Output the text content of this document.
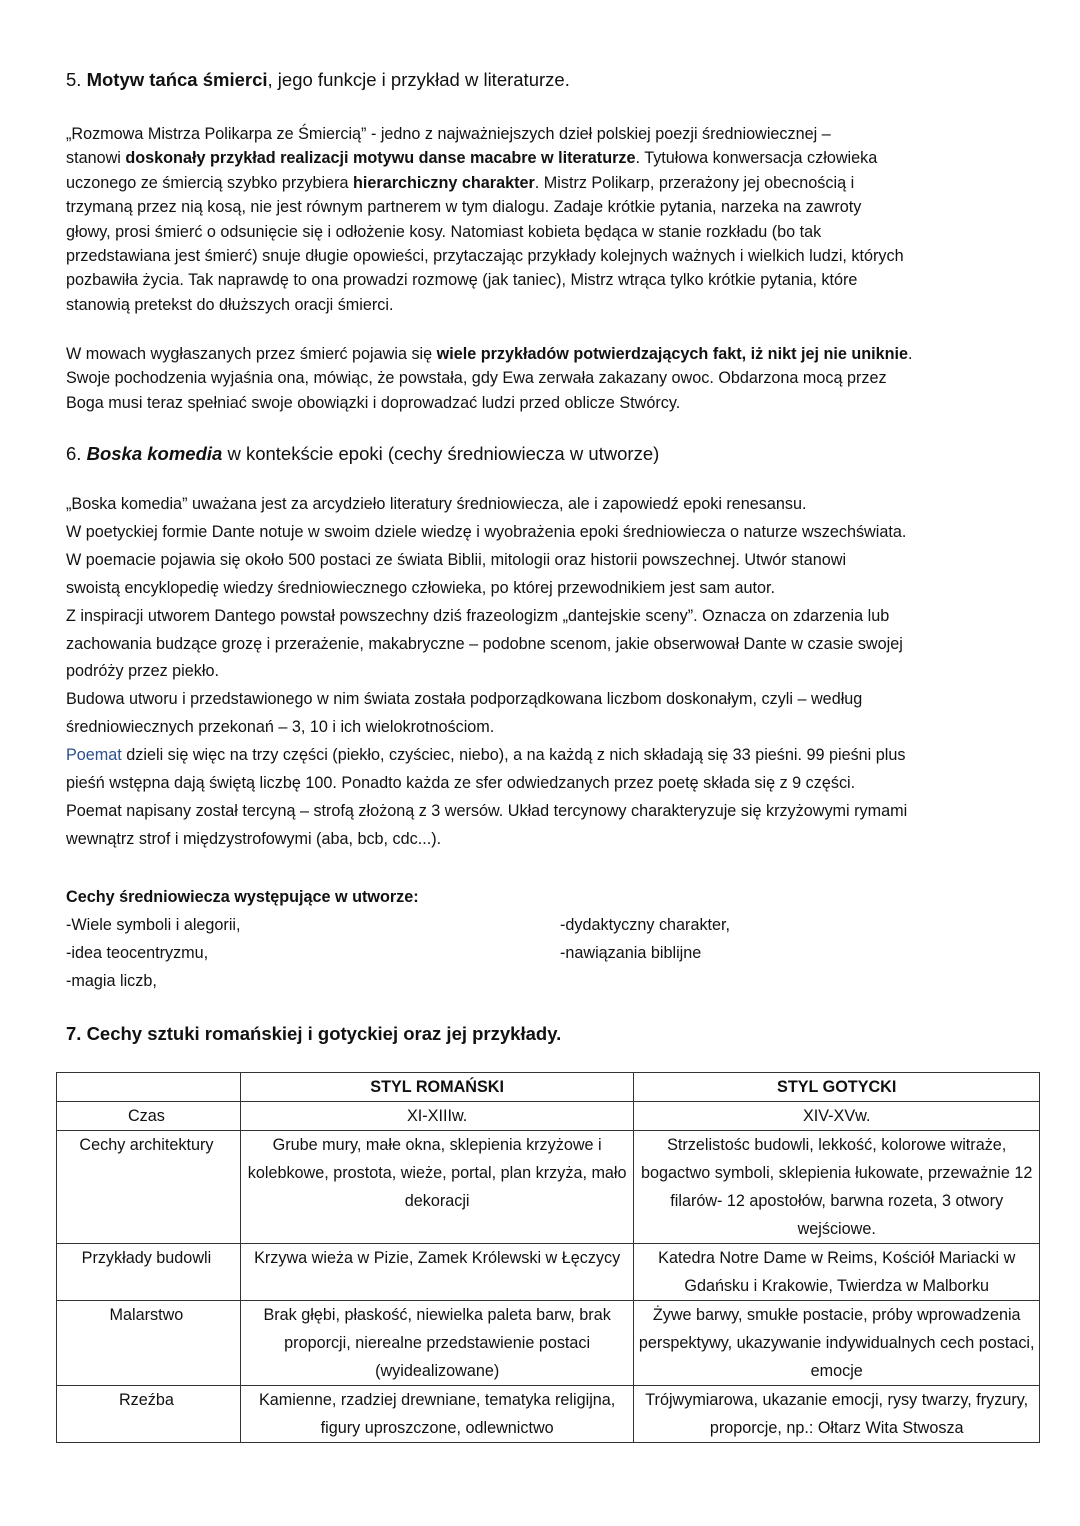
5. Motyw tańca śmierci, jego funkcje i przykład w literaturze.
„Rozmowa Mistrza Polikarpa ze Śmiercią” - jedno z najważniejszych dzieł polskiej poezji średniowiecznej –
stanowi doskonały przykład realizacji motywu danse macabre w literaturze. Tytułowa konwersacja człowieka
uczonego ze śmiercią szybko przybiera hierarchiczny charakter. Mistrz Polikarp, przerażony jej obecnością i
trzymaną przez nią kosą, nie jest równym partnerem w tym dialogu. Zadaje krótkie pytania, narzeka na zawroty
głowy, prosi śmierć o odsunięcie się i odłożenie kosy. Natomiast kobieta będąca w stanie rozkładu (bo tak
przedstawiana jest śmierć) snuje długie opowieści, przytaczając przykłady kolejnych ważnych i wielkich ludzi, których
pozbawiła życia. Tak naprawdę to ona prowadzi rozmowę (jak taniec), Mistrz wtrąca tylko krótkie pytania, które
stanowią pretekst do dłuższych oracji śmierci.
W mowach wygłaszanych przez śmierć pojawia się wiele przykładów potwierdzających fakt, iż nikt jej nie uniknie.
Swoje pochodzenia wyjaśnia ona, mówiąc, że powstała, gdy Ewa zerwała zakazany owoc. Obdarzona mocą przez
Boga musi teraz spełniać swoje obowiązki i doprowadzać ludzi przed oblicze Stwórcy.
6. Boska komedia w kontekście epoki (cechy średniowiecza w utworze)
„Boska komedia” uważana jest za arcydzieło literatury średniowiecza, ale i zapowiedź epoki renesansu.
W poetyckiej formie Dante notuje w swoim dziele wiedzę i wyobrażenia epoki średniowiecza o naturze wszechświata.
W poemacie pojawia się około 500 postaci ze świata Biblii, mitologii oraz historii powszechnej. Utwór stanowi
swoistą encyklopedię wiedzy średniowiecznego człowieka, po której przewodnikiem jest sam autor.
Z inspiracji utworem Dantego powstał powszechny dziś frazeologizm „dantejskie sceny”. Oznacza on zdarzenia lub
zachowania budzące grozę i przerażenie, makabryczne – podobne scenom, jakie obserwował Dante w czasie swojej
podróży przez piekło.
Budowa utworu i przedstawionego w nim świata została podporządkowana liczbom doskonałym, czyli – według
średniowiecznych przekonań – 3, 10 i ich wielokrotnościom.
Poemat dzieli się więc na trzy części (piekło, czyściec, niebo), a na każdą z nich składają się 33 pieśni. 99 pieśni plus
pieśń wstępna dają świętą liczbę 100. Ponadto każda ze sfer odwiedzanych przez poetę składa się z 9 części.
Poemat napisany został tercyną – strofą złożoną z 3 wersów. Układ tercynowy charakteryzuje się krzyżowymi rymami
wewnątrz strof i międzystrofowymi (aba, bcb, cdc...).
Cechy średniowiecza występujące w utworze:
-Wiele symboli i alegorii,
-idea teocentryzmu,
-magia liczb,
-dydaktyczny charakter,
-nawiązania biblijne
7. Cechy sztuki romańskiej i gotyckiej oraz jej przykłady.
	STYL ROMAŃSKI	STYL GOTYCKI
Czas	XI-XIIIw.	XIV-XVw.
Cechy architektury	Grube mury, małe okna, sklepienia krzyżowe i kolebkowe, prostota, wieże, portal, plan krzyża, mało dekoracji	Strzelistośc budowli, lekkość, kolorowe witraże, bogactwo symboli, sklepienia łukowate, przeważnie 12 filarów- 12 apostołów, barwna rozeta, 3 otwory wejściowe.
Przykłady budowli	Krzywa wieża w Pizie, Zamek Królewski w Łęczycy	Katedra Notre Dame w Reims, Kościół Mariacki w Gdańsku i Krakowie, Twierdza w Malborku
Malarstwo	Brak głębi, płaskość, niewielka paleta barw, brak proporcji, nierealne przedstawienie postaci (wyidealizowane)	Żywe barwy, smukłe postacie, próby wprowadzenia perspektywy, ukazywanie indywidualnych cech postaci, emocje
Rzeźba	Kamienne, rzadziej drewniane, tematyka religijna, figury uproszczone, odlewnictwo	Trójwymiarowa, ukazanie emocji, rysy twarzy, fryzury, proporcje, np.: Ołtarz Wita Stwosza
